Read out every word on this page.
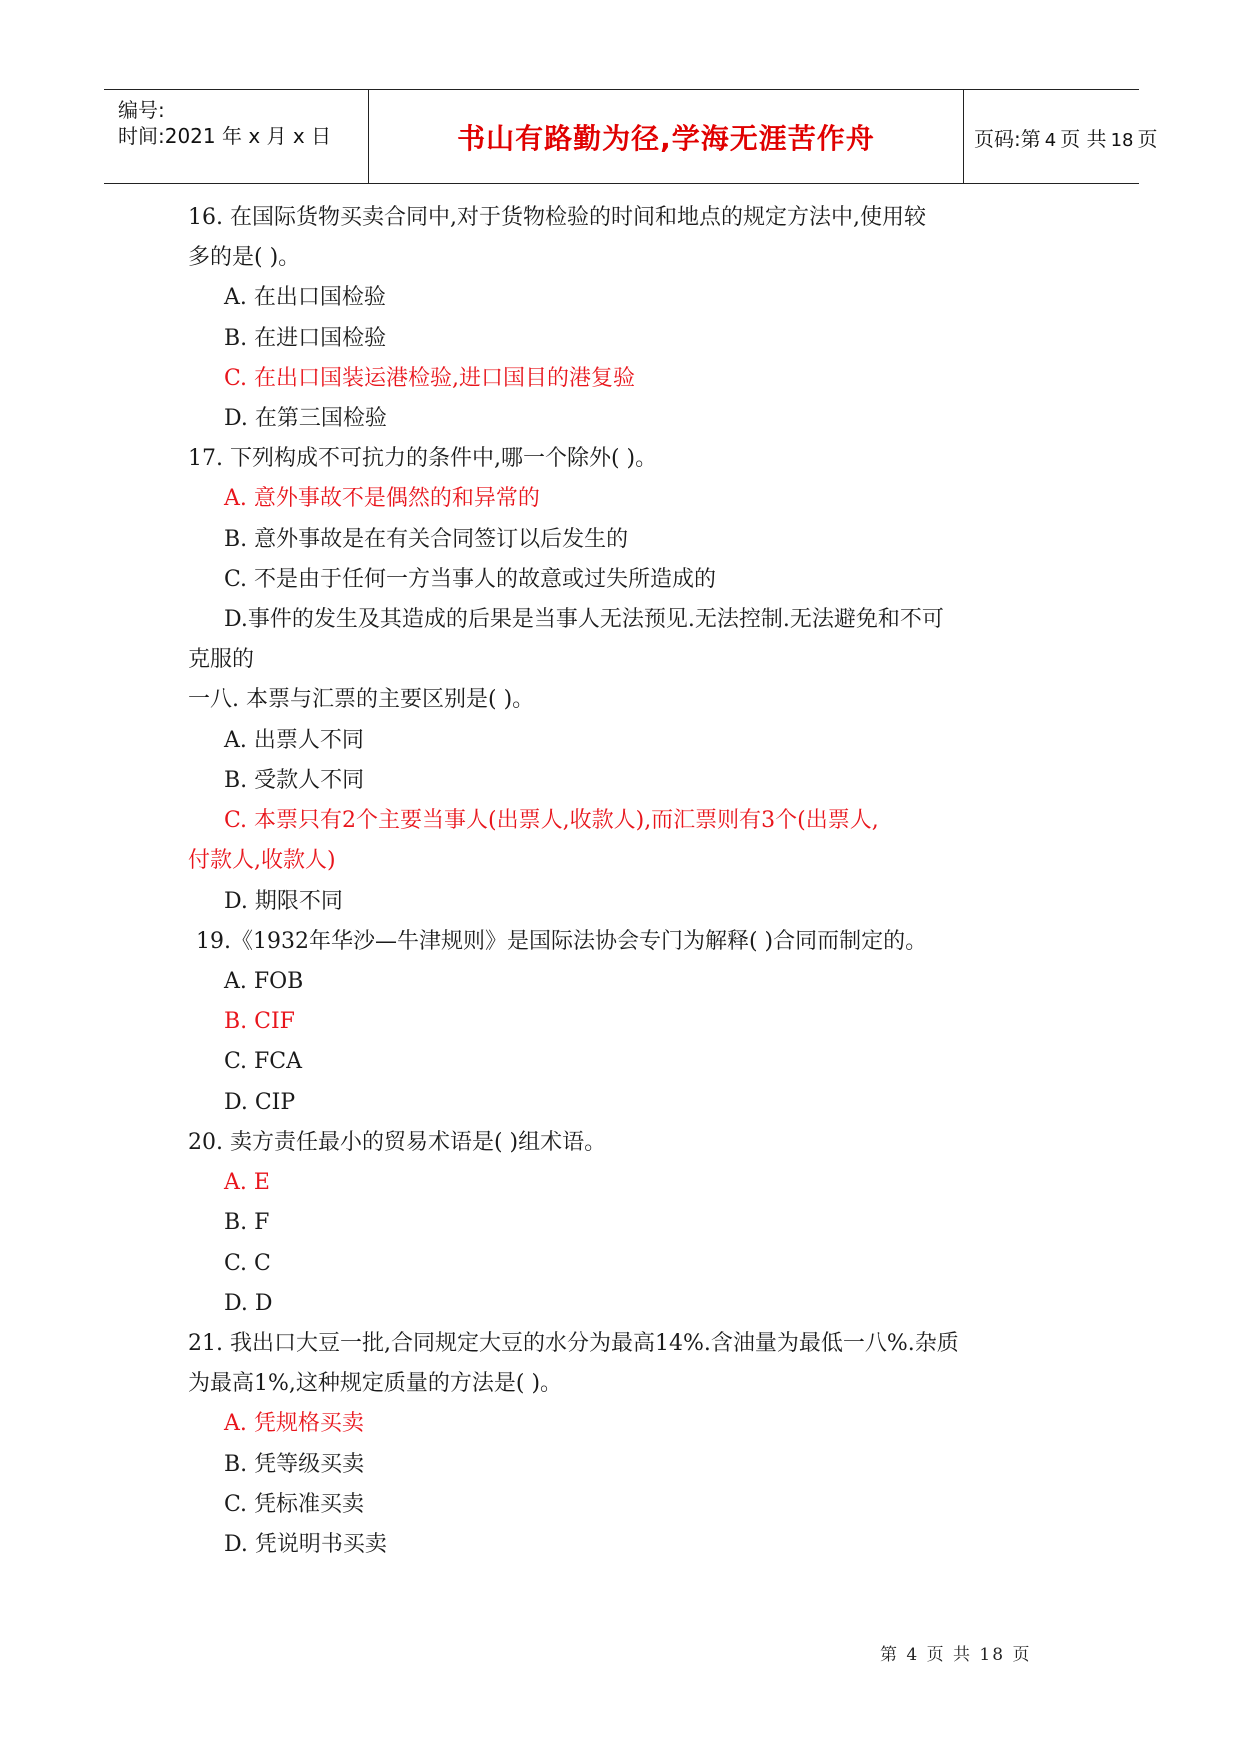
编号:
时间:2021 年 x 月 x 日	书山有路勤为径,学海无涯苦作舟	页码:第 4 页 共 18 页
16. 在国际货物买卖合同中,对于货物检验的时间和地点的规定方法中,使用较
多的是( )。
A. 在出口国检验
B. 在进口国检验
C. 在出口国装运港检验,进口国目的港复验
D. 在第三国检验
17. 下列构成不可抗力的条件中,哪一个除外( )。
A. 意外事故不是偶然的和异常的
B. 意外事故是在有关合同签订以后发生的
C. 不是由于任何一方当事人的故意或过失所造成的
D.事件的发生及其造成的后果是当事人无法预见.无法控制.无法避免和不可
克服的
一八. 本票与汇票的主要区别是( )。
A. 出票人不同
B. 受款人不同
C. 本票只有2个主要当事人(出票人,收款人),而汇票则有3个(出票人,
付款人,收款人)
D. 期限不同
19.《1932年华沙—牛津规则》是国际法协会专门为解释( )合同而制定的。
A. FOB
B. CIF
C. FCA
D. CIP
20. 卖方责任最小的贸易术语是( )组术语。
A. E
B. F
C. C
D. D
21. 我出口大豆一批,合同规定大豆的水分为最高14%.含油量为最低一八%.杂质
为最高1%,这种规定质量的方法是( )。
A. 凭规格买卖
B. 凭等级买卖
C. 凭标准买卖
D. 凭说明书买卖
第 4 页 共 18 页
